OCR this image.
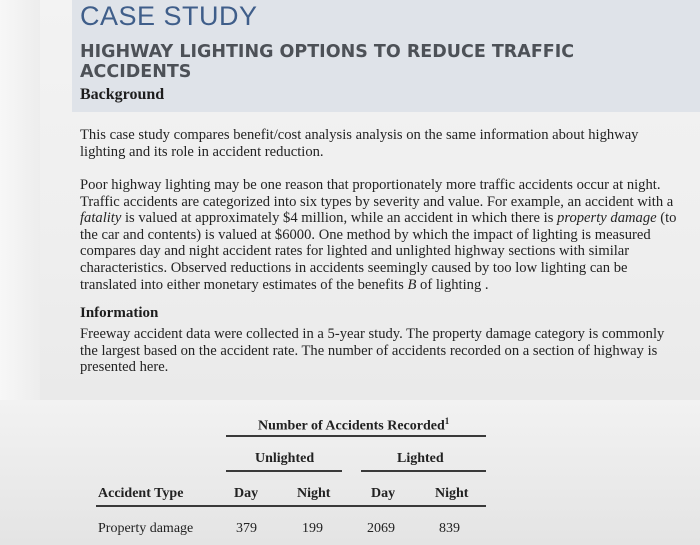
CASE STUDY
HIGHWAY LIGHTING OPTIONS TO REDUCE TRAFFIC ACCIDENTS
Background
This case study compares benefit/cost analysis analysis on the same information about highway lighting and its role in accident reduction.
Poor highway lighting may be one reason that proportionately more traffic accidents occur at night. Traffic accidents are categorized into six types by severity and value. For example, an accident with a fatality is valued at approximately $4 million, while an accident in which there is property damage (to the car and contents) is valued at $6000. One method by which the impact of lighting is measured compares day and night accident rates for lighted and unlighted highway sections with similar characteristics. Observed reductions in accidents seemingly caused by too low lighting can be translated into either monetary estimates of the benefits B of lighting .
Information
Freeway accident data were collected in a 5-year study. The property damage category is commonly the largest based on the accident rate. The number of accidents recorded on a section of highway is presented here.
Number of Accidents Recorded$^1$
Unlighted	Lighted
Accident Type	Day	Night	Day	Night
Property damage	379	199	2069	839
